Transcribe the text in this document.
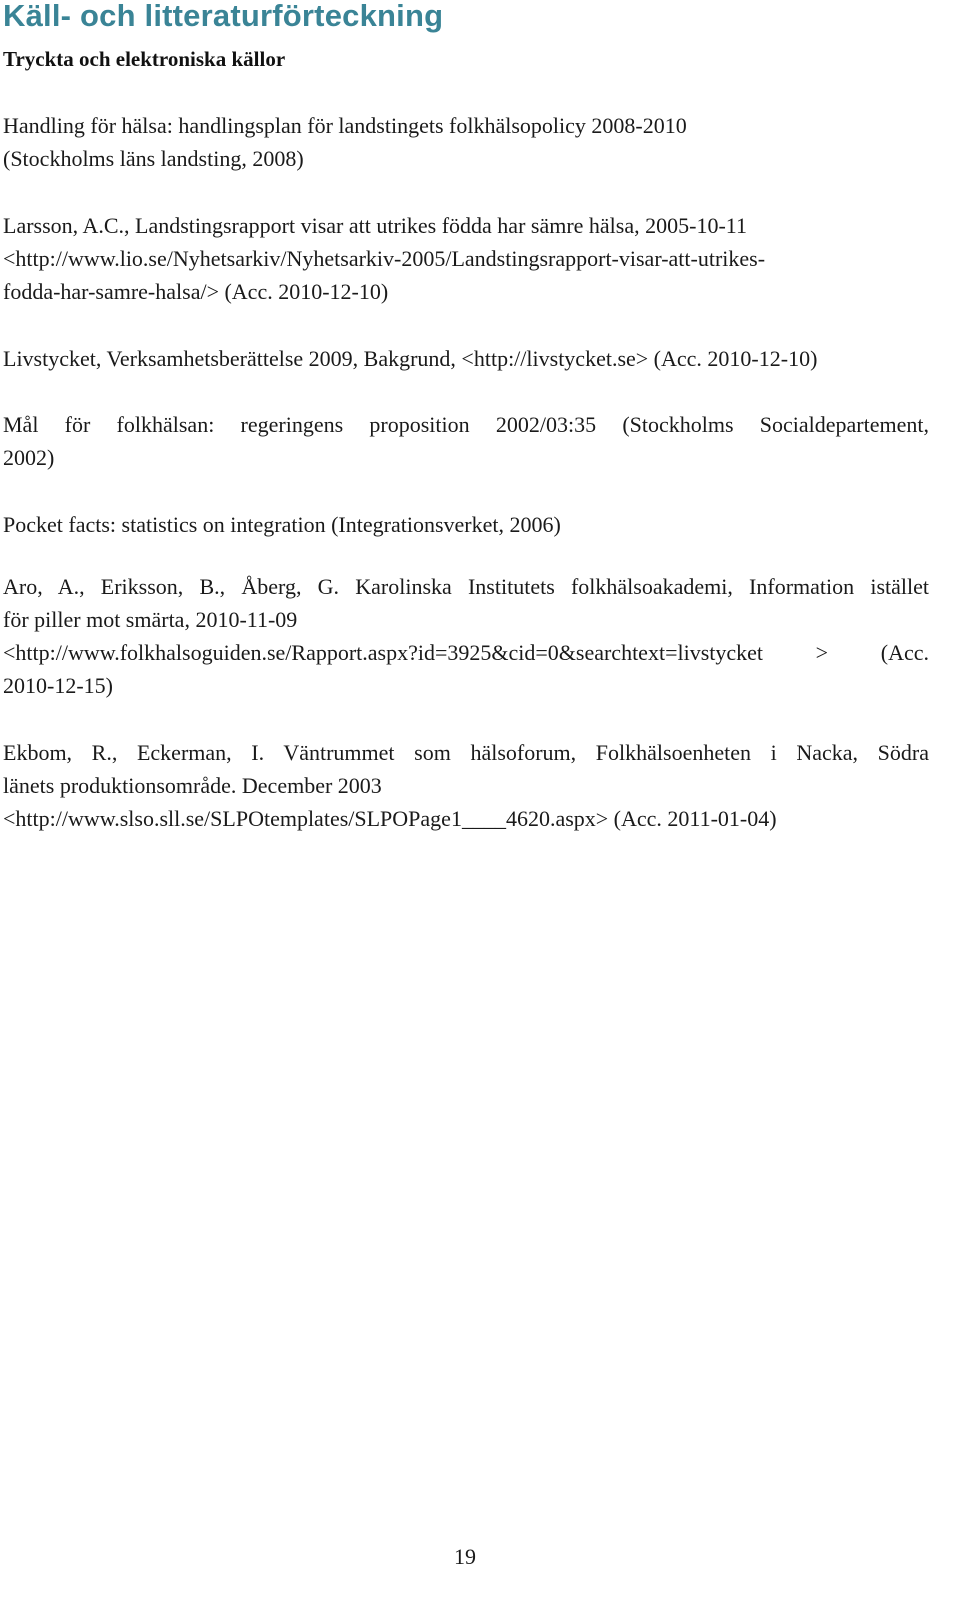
Käll- och litteraturförteckning
Tryckta och elektroniska källor

Handling för hälsa: handlingsplan för landstingets folkhälsopolicy 2008-2010
(Stockholms läns landsting, 2008)

Larsson, A.C., Landstingsrapport visar att utrikes födda har sämre hälsa, 2005-10-11
<http://www.lio.se/Nyhetsarkiv/Nyhetsarkiv-2005/Landstingsrapport-visar-att-utrikes-
fodda-har-samre-halsa/> (Acc. 2010-12-10)

Livstycket, Verksamhetsberättelse 2009, Bakgrund, <http://livstycket.se> (Acc. 2010-12-10)

Mål för folkhälsan: regeringens proposition 2002/03:35 (Stockholms Socialdepartement,
2002)

Pocket facts: statistics on integration (Integrationsverket, 2006)

Aro, A., Eriksson, B., Åberg, G. Karolinska Institutets folkhälsoakademi, Information istället
för piller mot smärta, 2010-11-09
<http://www.folkhalsoguiden.se/Rapport.aspx?id=3925&cid=0&searchtext=livstycket > (Acc.
2010-12-15)

Ekbom, R., Eckerman, I. Väntrummet som hälsoforum, Folkhälsoenheten i Nacka, Södra
länets produktionsområde. December 2003
<http://www.slso.sll.se/SLPOtemplates/SLPOPage1____4620.aspx> (Acc. 2011-01-04)

19
